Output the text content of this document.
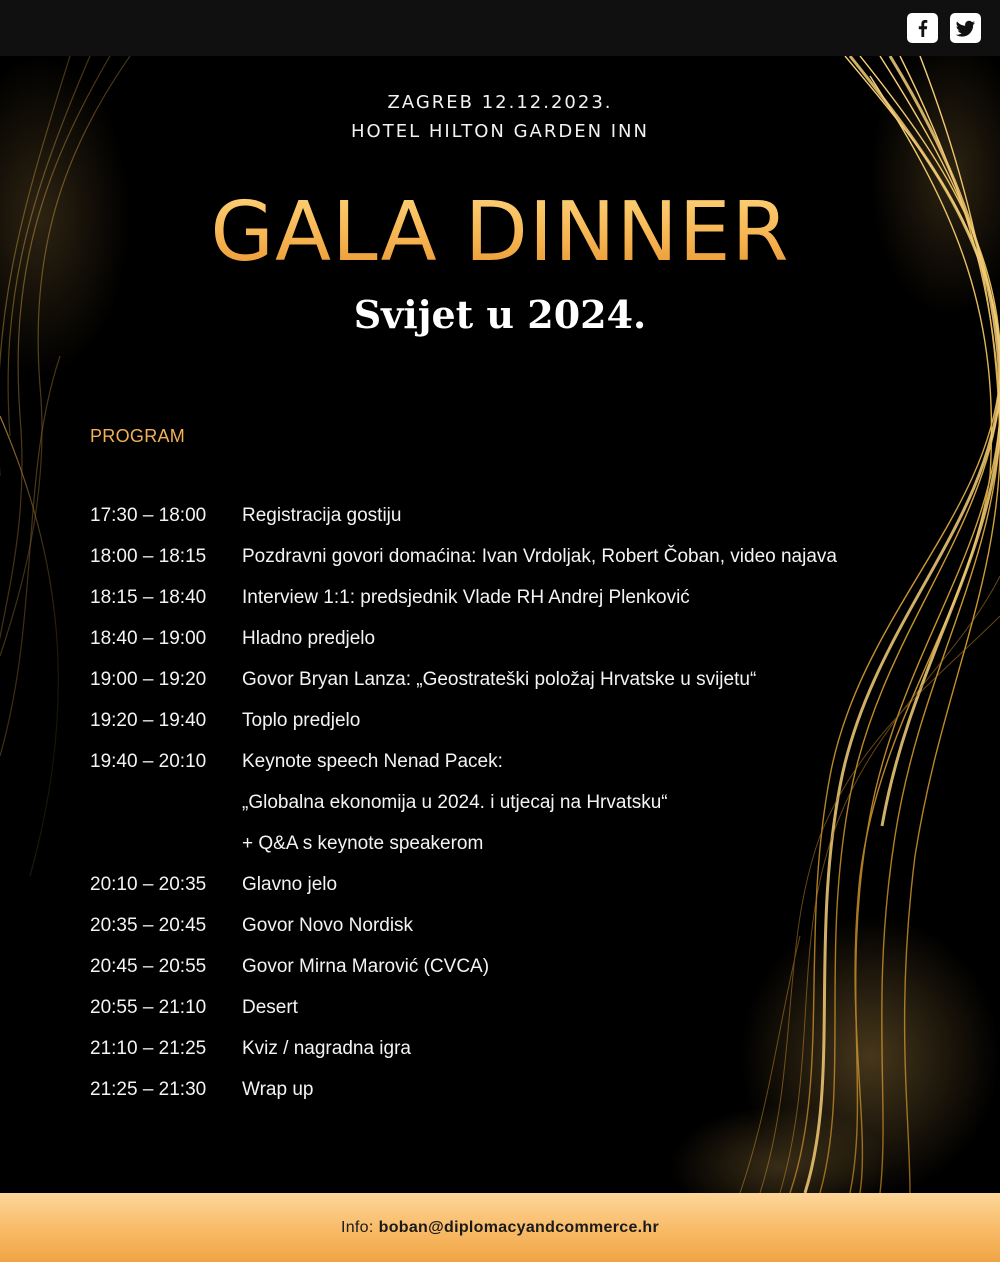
ZAGREB 12.12.2023.
HOTEL HILTON GARDEN INN
GALA DINNER
Svijet u 2024.
PROGRAM
17:30 – 18:00	Registracija gostiju
18:00 – 18:15	Pozdravni govori domaćina: Ivan Vrdoljak, Robert Čoban, video najava
18:15 – 18:40	Interview 1:1: predsjednik Vlade RH Andrej Plenković
18:40 – 19:00	Hladno predjelo
19:00 – 19:20	Govor Bryan Lanza: „Geostrateški položaj Hrvatske u svijetu“
19:20 – 19:40	Toplo predjelo
19:40 – 20:10	Keynote speech Nenad Pacek:
„Globalna ekonomija u 2024. i utjecaj na Hrvatsku“
+ Q&A s keynote speakerom
20:10 – 20:35	Glavno jelo
20:35 – 20:45	Govor Novo Nordisk
20:45 – 20:55	Govor Mirna Marović (CVCA)
20:55 – 21:10	Desert
21:10 – 21:25	Kviz / nagradna igra
21:25 – 21:30	Wrap up
Info: boban@diplomacyandcommerce.hr
